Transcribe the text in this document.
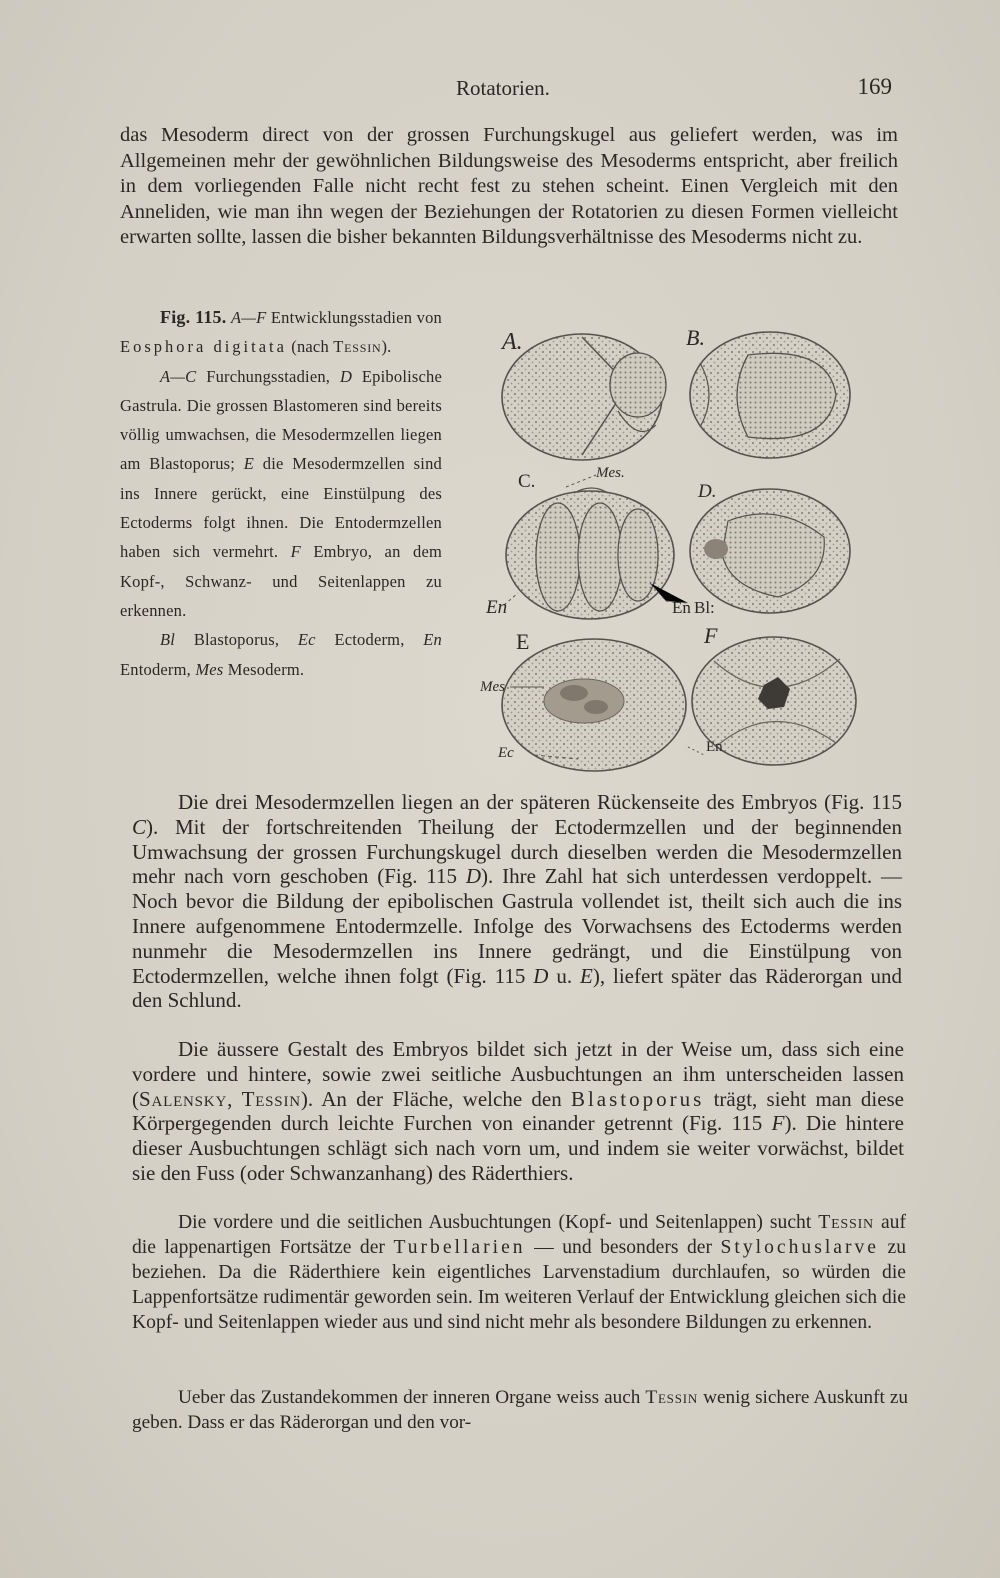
Rotatorien.	169

das Mesoderm direct von der grossen Furchungskugel aus geliefert werden, was im Allgemeinen mehr der gewöhnlichen Bildungsweise des Mesoderms entspricht, aber freilich in dem vorliegenden Falle nicht recht fest zu stehen scheint. Einen Vergleich mit den Anneliden, wie man ihn wegen der Beziehungen der Rotatorien zu diesen Formen vielleicht erwarten sollte, lassen die bisher bekannten Bildungsverhältnisse des Mesoderms nicht zu.

Fig. 115. A—F Entwicklungsstadien von Eosphora digitata (nach Tessin).

A—C Furchungsstadien, D Epibolische Gastrula. Die grossen Blastomeren sind bereits völlig umwachsen, die Mesodermzellen liegen am Blastoporus; E die Mesodermzellen sind ins Innere gerückt, eine Einstülpung des Ectoderms folgt ihnen. Die Entodermzellen haben sich vermehrt. F Embryo, an dem Kopf-, Schwanz- und Seitenlappen zu erkennen.

Bl Blastoporus, Ec Ectoderm, En Entoderm, Mes Mesoderm.

A.	B.
C.	Mes.
D.
En	En Bl:
E	F
Mes
Ec	En

Die drei Mesodermzellen liegen an der späteren Rückenseite des Embryos (Fig. 115 C). Mit der fortschreitenden Theilung der Ectodermzellen und der beginnenden Umwachsung der grossen Furchungskugel durch dieselben werden die Mesodermzellen mehr nach vorn geschoben (Fig. 115 D). Ihre Zahl hat sich unterdessen verdoppelt. — Noch bevor die Bildung der epibolischen Gastrula vollendet ist, theilt sich auch die ins Innere aufgenommene Entodermzelle. Infolge des Vorwachsens des Ectoderms werden nunmehr die Mesodermzellen ins Innere gedrängt, und die Einstülpung von Ectodermzellen, welche ihnen folgt (Fig. 115 D u. E), liefert später das Räderorgan und den Schlund.

Die äussere Gestalt des Embryos bildet sich jetzt in der Weise um, dass sich eine vordere und hintere, sowie zwei seitliche Ausbuchtungen an ihm unterscheiden lassen (Salensky, Tessin). An der Fläche, welche den Blastoporus trägt, sieht man diese Körpergegenden durch leichte Furchen von einander getrennt (Fig. 115 F). Die hintere dieser Ausbuchtungen schlägt sich nach vorn um, und indem sie weiter vorwächst, bildet sie den Fuss (oder Schwanzanhang) des Räderthiers.

Die vordere und die seitlichen Ausbuchtungen (Kopf- und Seitenlappen) sucht Tessin auf die lappenartigen Fortsätze der Turbellarien — und besonders der Stylochuslarve zu beziehen. Da die Räderthiere kein eigentliches Larvenstadium durchlaufen, so würden die Lappenfortsätze rudimentär geworden sein. Im weiteren Verlauf der Entwicklung gleichen sich die Kopf- und Seitenlappen wieder aus und sind nicht mehr als besondere Bildungen zu erkennen.

Ueber das Zustandekommen der inneren Organe weiss auch Tessin wenig sichere Auskunft zu geben. Dass er das Räderorgan und den vor-
